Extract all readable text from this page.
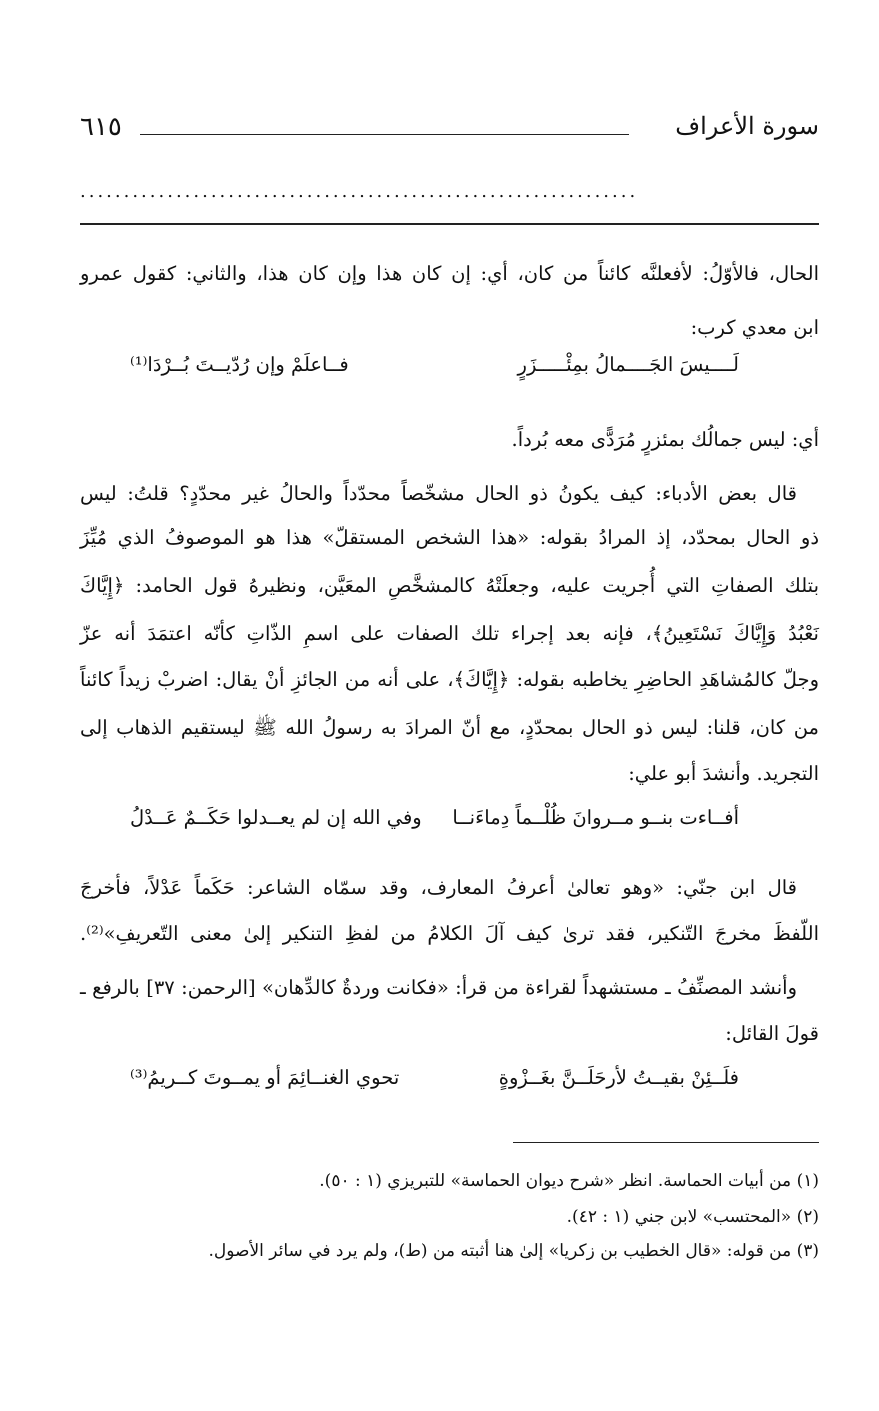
سورة الأعراف
٦١٥
................................................................
الحال، فالأوّلُ: لأفعلنَّه كائناً من كان، أي: إن كان هذا وإن كان هذا، والثاني: كقول عمرو
ابن معدي كرب:
لَــــيسَ الجَــــمالُ بمِئْـــــزَرٍ
فــاعلَمْ وإن رُدّيــتَ بُــرْدَا⁽¹⁾
أي: ليس جمالُك بمئزرٍ مُرَدًّى معه بُرداً.
قال بعض الأدباء: كيف يكونُ ذو الحال مشخّصاً محدّداً والحالُ غير محدّدٍ؟ قلتُ: ليس
ذو الحال بمحدّد، إذ المرادُ بقوله: «هذا الشخص المستقلّ» هذا هو الموصوفُ الذي مُيِّزَ
بتلك الصفاتِ التي أُجريت عليه، وجعلَتْهُ كالمشخَّصِ المعَيَّن، ونظيرهُ قول الحامد: ﴿إِيَّاكَ
نَعْبُدُ وَإِيَّاكَ نَسْتَعِينُ﴾، فإنه بعد إجراء تلك الصفات على اسمِ الذّاتِ كأنّه اعتمَدَ أنه عزّ
وجلّ كالمُشاهَدِ الحاضِرِ يخاطبه بقوله: ﴿إِيَّاكَ﴾، على أنه من الجائزِ أنْ يقال: اضربْ زيداً كائناً
من كان، قلنا: ليس ذو الحال بمحدّدٍ، مع أنّ المرادَ به رسولُ الله ﷺ ليستقيم الذهاب إلى
التجريد. وأنشدَ أبو علي:
أفــاءت بنــو مــروانَ ظُلْــماً دِماءَنــا
وفي الله إن لم يعــدلوا حَكَــمٌ عَــدْلُ
قال ابن جنّي: «وهو تعالىٰ أعرفُ المعارف، وقد سمّاه الشاعر: حَكَماً عَدْلاً، فأخرجَ
اللّفظَ مخرجَ التّنكير، فقد ترىٰ كيف آلَ الكلامُ من لفظِ التنكير إلىٰ معنى التّعريفِ»⁽²⁾.
وأنشد المصنِّفُ ـ مستشهداً لقراءة من قرأ: «فكانت وردةٌ كالدِّهان» [الرحمن: ٣٧] بالرفع ـ
قولَ القائل:
فلَــئِنْ بقيــتُ لأرحَلَــنَّ بغَــزْوةٍ
تحوي الغنــائِمَ أو يمــوتَ كــريمُ⁽³⁾
(١) من أبيات الحماسة. انظر «شرح ديوان الحماسة» للتبريزي (١ : ٥٠).
(٢) «المحتسب» لابن جني (١ : ٤٢).
(٣) من قوله: «قال الخطيب بن زكريا» إلىٰ هنا أثبته من (ط)، ولم يرد في سائر الأصول.
